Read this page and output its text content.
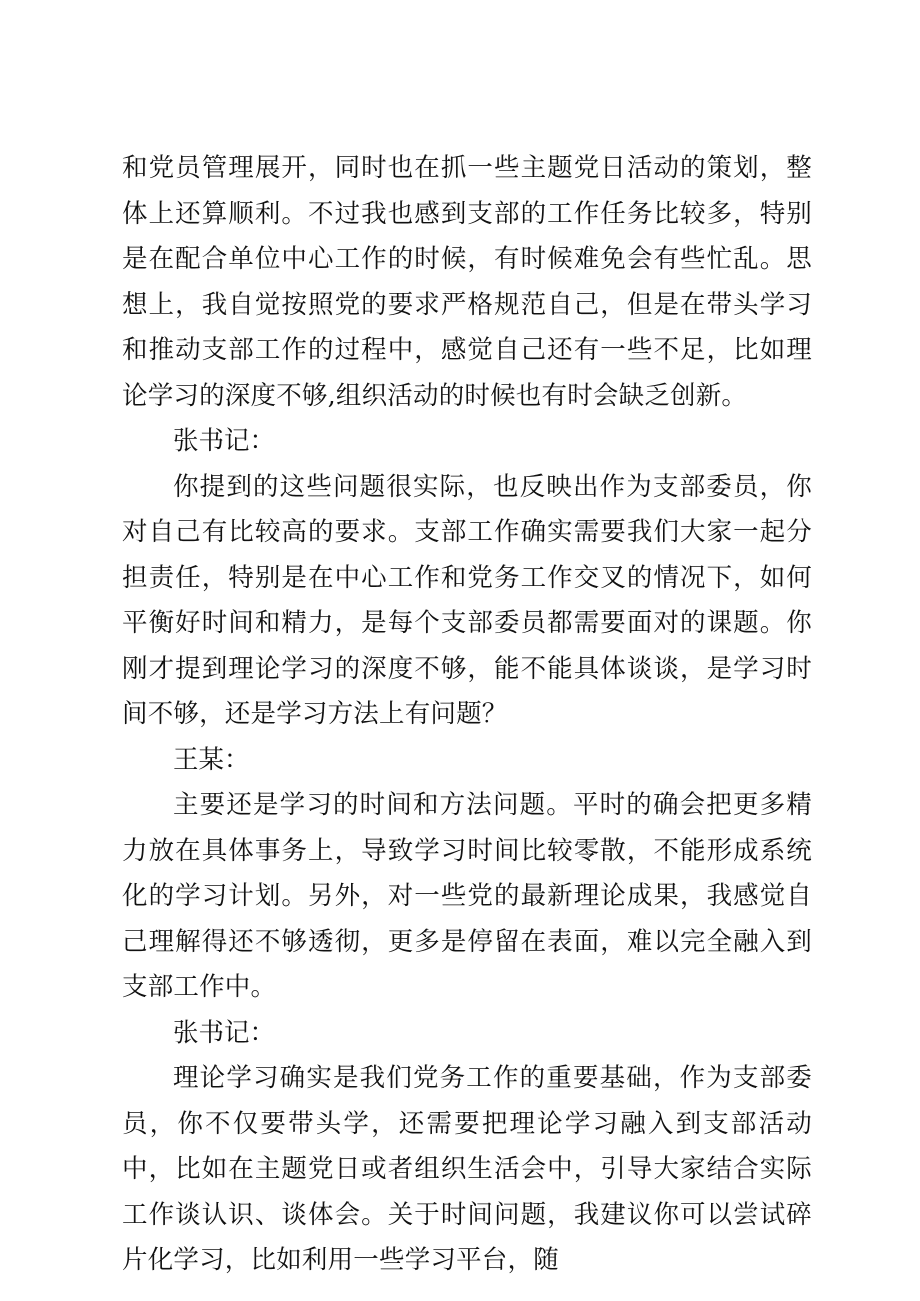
和党员管理展开，同时也在抓一些主题党日活动的策划，整体上还算顺利。不过我也感到支部的工作任务比较多，特别是在配合单位中心工作的时候，有时候难免会有些忙乱。思想上，我自觉按照党的要求严格规范自己，但是在带头学习和推动支部工作的过程中，感觉自己还有一些不足，比如理论学习的深度不够,组织活动的时候也有时会缺乏创新。

张书记：

你提到的这些问题很实际，也反映出作为支部委员，你对自己有比较高的要求。支部工作确实需要我们大家一起分担责任，特别是在中心工作和党务工作交叉的情况下，如何平衡好时间和精力，是每个支部委员都需要面对的课题。你刚才提到理论学习的深度不够，能不能具体谈谈，是学习时间不够，还是学习方法上有问题？

王某：

主要还是学习的时间和方法问题。平时的确会把更多精力放在具体事务上，导致学习时间比较零散，不能形成系统化的学习计划。另外，对一些党的最新理论成果，我感觉自己理解得还不够透彻，更多是停留在表面，难以完全融入到支部工作中。

张书记：

理论学习确实是我们党务工作的重要基础，作为支部委员，你不仅要带头学，还需要把理论学习融入到支部活动中，比如在主题党日或者组织生活会中，引导大家结合实际工作谈认识、谈体会。关于时间问题，我建议你可以尝试碎片化学习，比如利用一些学习平台，随
